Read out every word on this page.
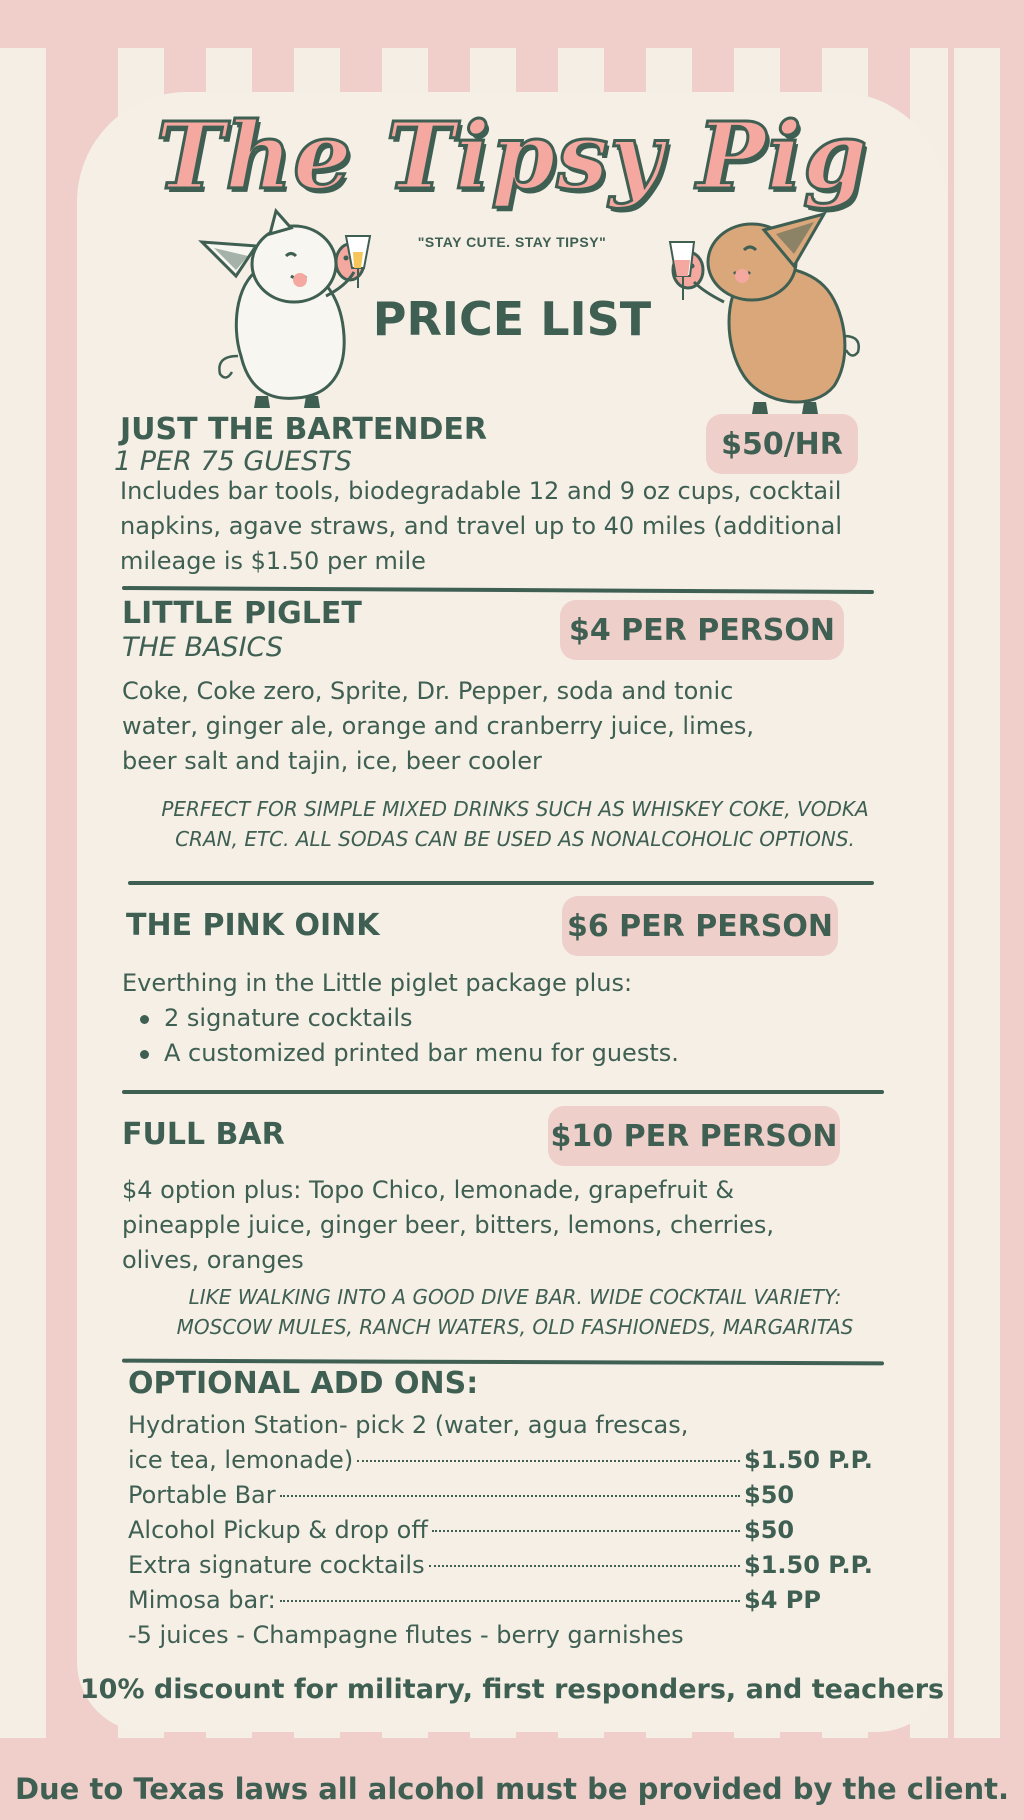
The Tipsy Pig
"STAY CUTE. STAY TIPSY"
PRICE LIST
JUST THE BARTENDER
1 PER 75 GUESTS	$50/HR
Includes bar tools, biodegradable 12 and 9 oz cups, cocktail
napkins, agave straws, and travel up to 40 miles (additional
mileage is $1.50 per mile
LITTLE PIGLET
THE BASICS	$4 PER PERSON
Coke, Coke zero, Sprite, Dr. Pepper, soda and tonic
water, ginger ale, orange and cranberry juice, limes,
beer salt and tajin, ice, beer cooler
PERFECT FOR SIMPLE MIXED DRINKS SUCH AS WHISKEY COKE, VODKA
CRAN, ETC. ALL SODAS CAN BE USED AS NONALCOHOLIC OPTIONS.
THE PINK OINK	$6 PER PERSON
Everthing in the Little piglet package plus:
2 signature cocktails
A customized printed bar menu for guests.
FULL BAR	$10 PER PERSON
$4 option plus: Topo Chico, lemonade, grapefruit &
pineapple juice, ginger beer, bitters, lemons, cherries,
olives, oranges
LIKE WALKING INTO A GOOD DIVE BAR. WIDE COCKTAIL VARIETY:
MOSCOW MULES, RANCH WATERS, OLD FASHIONEDS, MARGARITAS
OPTIONAL ADD ONS:
Hydration Station- pick 2 (water, agua frescas,
ice tea, lemonade)	$1.50 P.P.
Portable Bar	$50
Alcohol Pickup & drop off	$50
Extra signature cocktails	$1.50 P.P.
Mimosa bar:	$4 PP
-5 juices - Champagne flutes - berry garnishes
10% discount for military, first responders, and teachers
Due to Texas laws all alcohol must be provided by the client.
